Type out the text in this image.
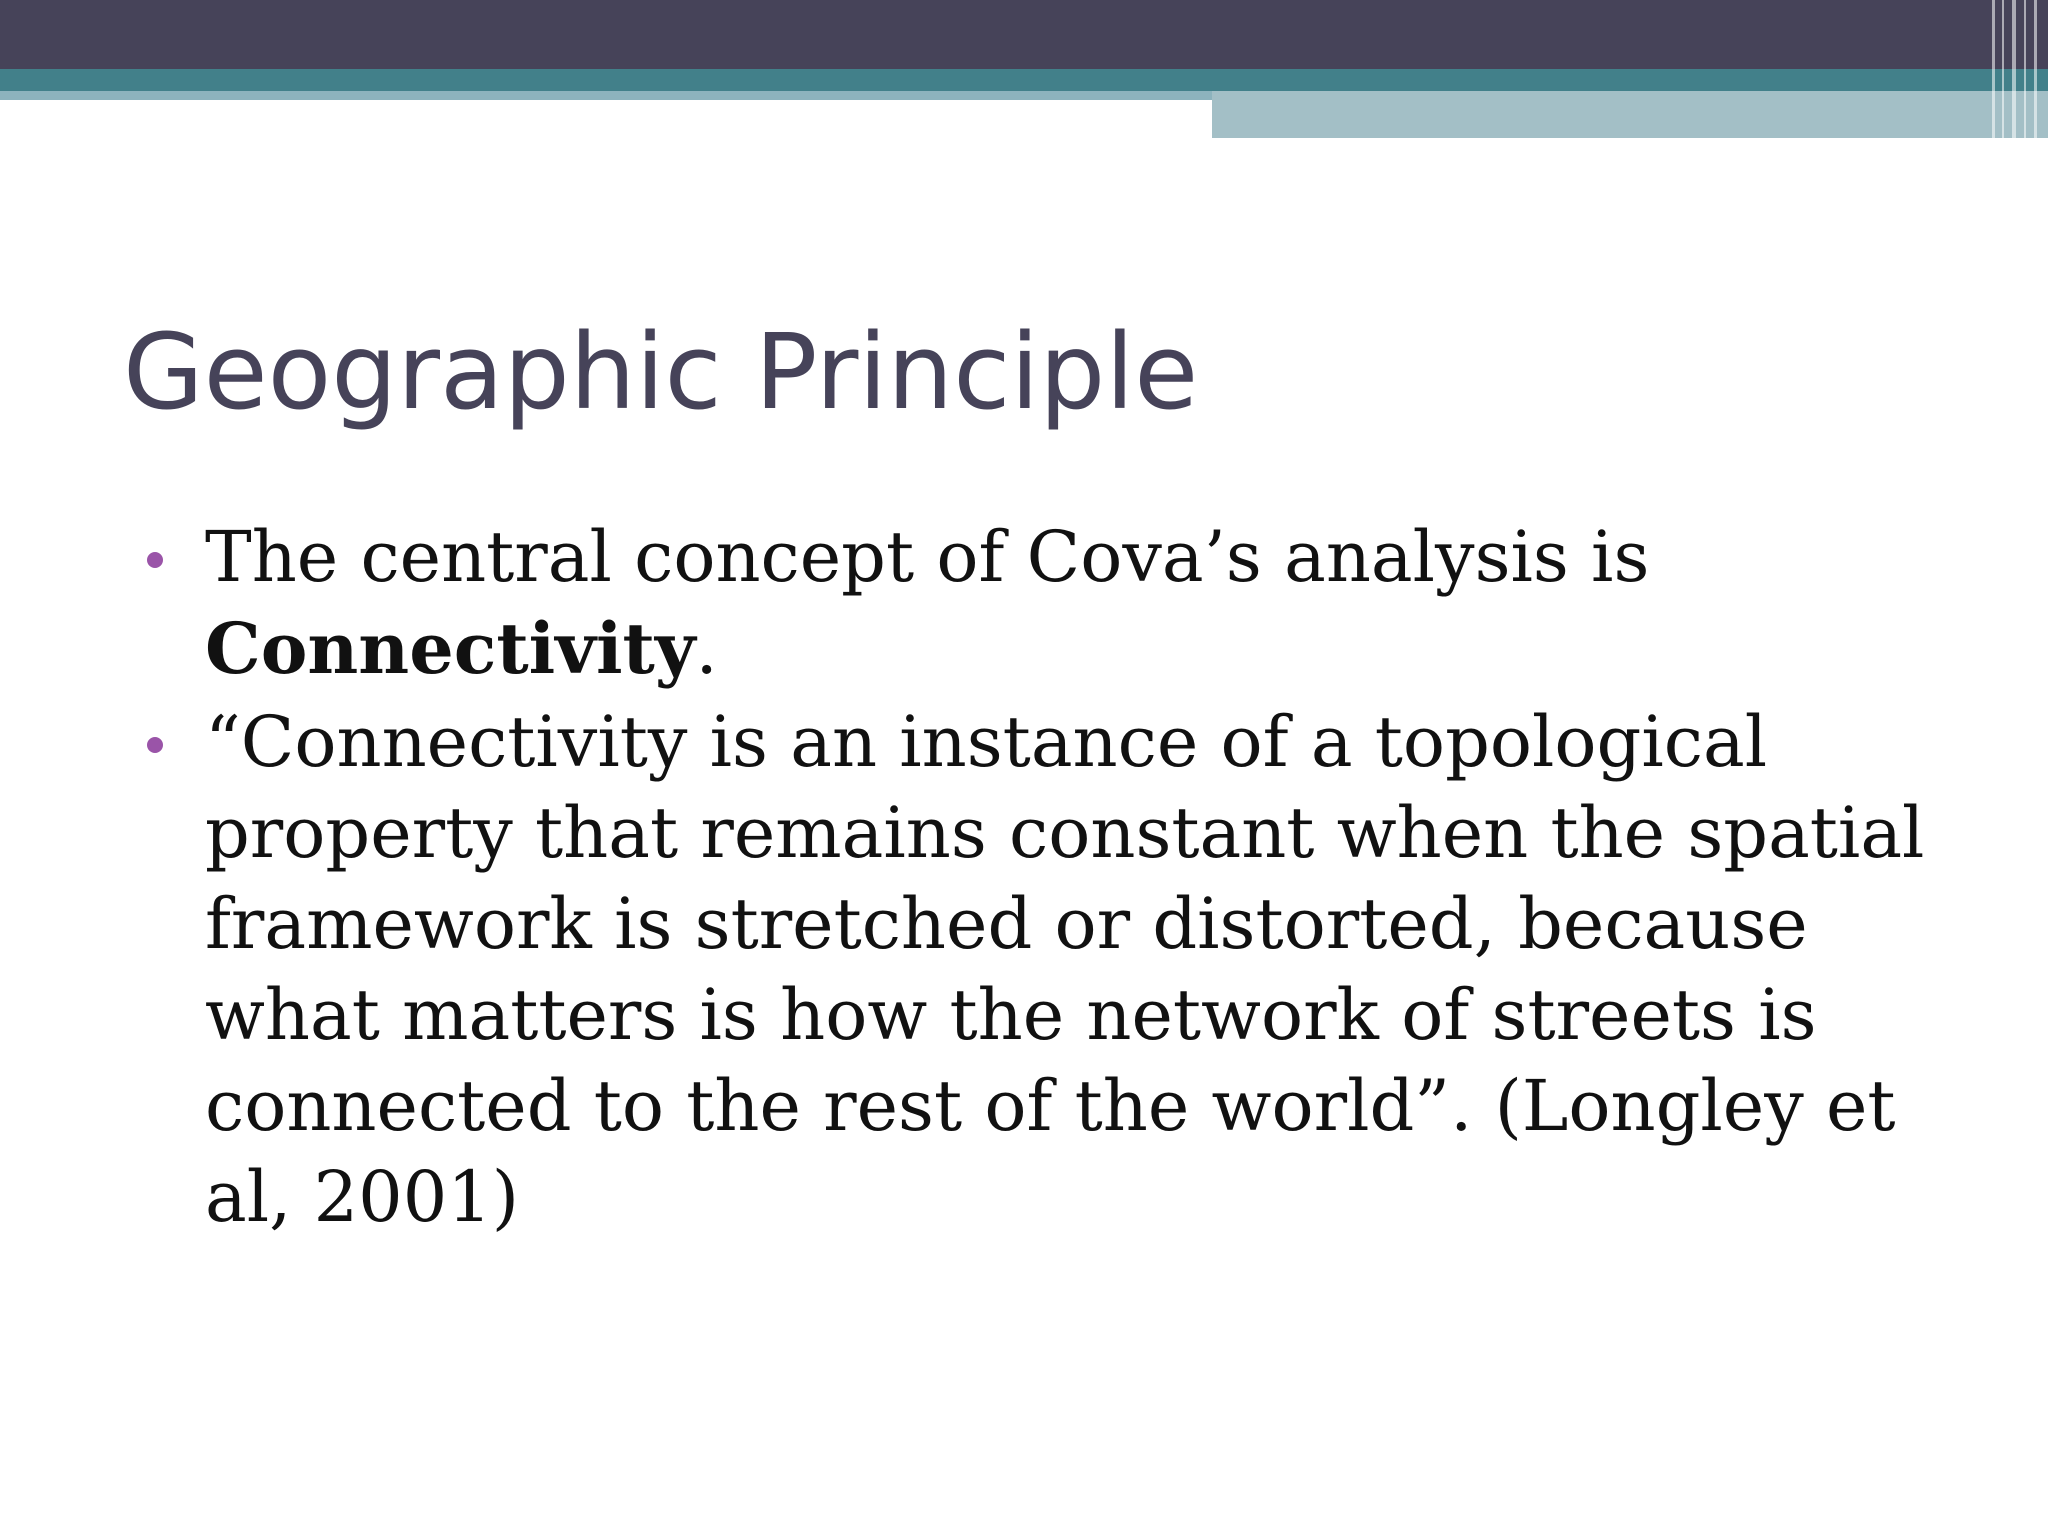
Geographic Principle
The central concept of Cova’s analysis is Connectivity.
“Connectivity is an instance of a topological property that remains constant when the spatial framework is stretched or distorted, because what matters is how the network of streets is connected to the rest of the world”. (Longley et al, 2001)
